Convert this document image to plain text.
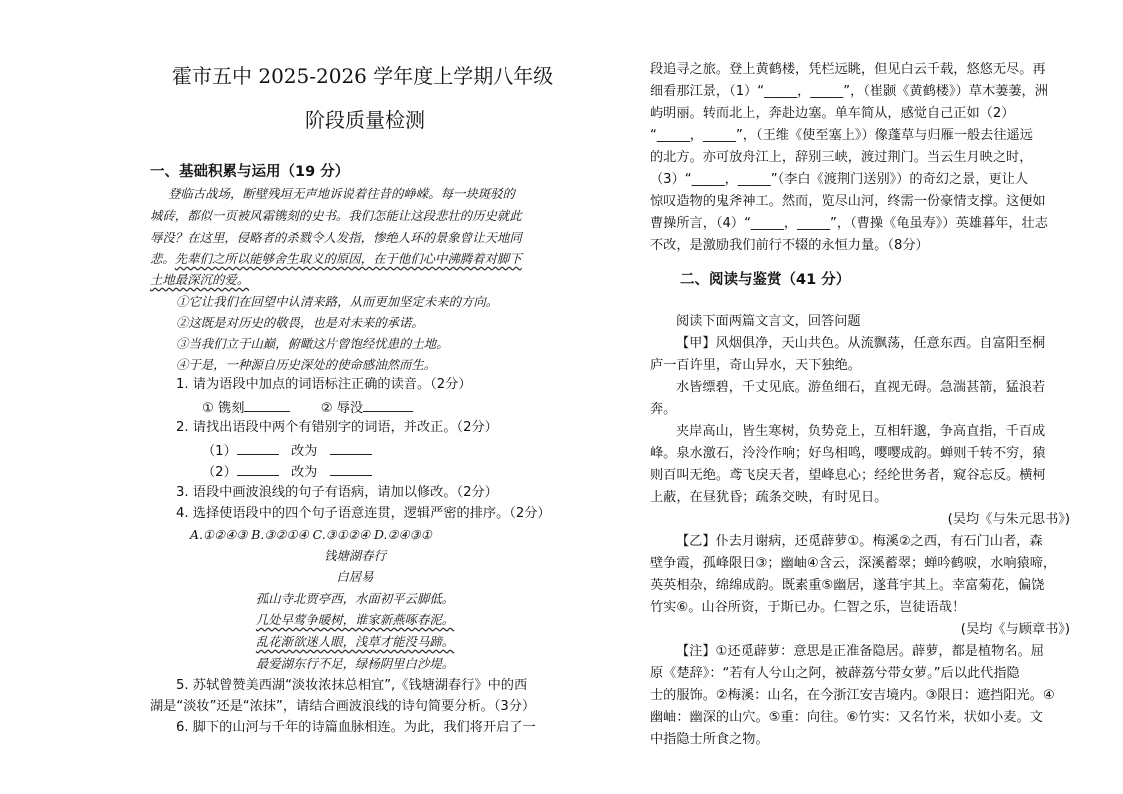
霍市五中 2025-2026 学年度上学期八年级
阶段质量检测
一、基础积累与运用（19 分）
登临古战场，断壁残垣无声地诉说着往昔的峥嵘。每一块斑驳的
城砖，都似一页被风霜镌刻的史书。我们怎能让这段悲壮的历史就此
辱没？在这里，侵略者的杀戮令人发指，惨绝人环的景象曾让天地同
悲。先辈们之所以能够舍生取义的原因，在于他们心中沸腾着对脚下
土地最深沉的爱。
①它让我们在回望中认清来路，从而更加坚定未来的方向。
②这既是对历史的敬畏，也是对未来的承诺。
③当我们立于山巅，俯瞰这片曾饱经忧患的土地。
④于是，一种源自历史深处的使命感油然而生。
1. 请为语段中加点的词语标注正确的读音。（2分）
① 镌刻	② 辱没
2. 请找出语段中两个有错别字的词语，并改正。（2分）
（1）	改为
（2）	改为
3. 语段中画波浪线的句子有语病，请加以修改。（2分）
4. 选择使语段中的四个句子语意连贯，逻辑严密的排序。（2分）
A.①②④③ B.③②①④ C.③①②④ D.②④③①
钱塘湖春行
白居易
孤山寺北贾亭西，水面初平云脚低。
几处早莺争暖树，谁家新燕啄春泥。
乱花渐欲迷人眼，浅草才能没马蹄。
最爱湖东行不足，绿杨阴里白沙堤。
5. 苏轼曾赞美西湖“淡妆浓抹总相宜”,《钱塘湖春行》中的西
湖是“淡妆”还是“浓抹”，请结合画波浪线的诗句简要分析。（3分）
6. 脚下的山河与千年的诗篇血脉相连。为此，我们将开启了一
段追寻之旅。登上黄鹤楼，凭栏远眺，但见白云千载，悠悠无尽。再
细看那江景，（1）“_____，_____”，（崔颢《黄鹤楼》）草木萋萋，洲
屿明丽。转而北上，奔赴边塞。单车简从，感觉自己正如（2）
“_____，_____”，（王维《使至塞上》）像蓬草与归雁一般去往遥远
的北方。亦可放舟江上，辞别三峡，渡过荆门。当云生月映之时，
（3）“_____，_____”（李白《渡荆门送别》）的奇幻之景，更让人
惊叹造物的鬼斧神工。然而，览尽山河，终需一份豪情支撑。这便如
曹操所言，（4）“_____，_____”，（曹操《龟虽寿》）英雄暮年，壮志
不改，是激励我们前行不辍的永恒力量。（8分）
二、阅读与鉴赏（41 分）
阅读下面两篇文言文，回答问题
【甲】风烟俱净，天山共色。从流飘荡，任意东西。自富阳至桐
庐一百许里，奇山异水，天下独绝。
水皆缥碧，千丈见底。游鱼细石，直视无碍。急湍甚箭，猛浪若
奔。
夹岸高山，皆生寒树，负势竞上，互相轩邈，争高直指，千百成
峰。泉水激石，泠泠作响；好鸟相鸣，嘤嘤成韵。蝉则千转不穷，猿
则百叫无绝。鸢飞戾天者，望峰息心；经纶世务者，窥谷忘反。横柯
上蔽，在昼犹昏；疏条交映，有时见日。
(吴均《与朱元思书》)
【乙】仆去月谢病，还觅薜萝①。梅溪②之西，有石门山者，森
壁争霞，孤峰限日③；幽岫④含云，深溪蓄翠；蝉吟鹤唳，水响猿啼，
英英相杂，绵绵成韵。既素重⑤幽居，遂葺宇其上。幸富菊花，偏饶
竹实⑥。山谷所资，于斯已办。仁智之乐，岂徒语哉！
(吴均《与顾章书》)
【注】①还觅薜萝：意思是正准备隐居。薜萝，都是植物名。屈
原《楚辞》：“若有人兮山之阿，被薜荔兮带女萝。”后以此代指隐
士的服饰。②梅溪：山名，在今浙江安吉境内。③限日：遮挡阳光。④
幽岫：幽深的山穴。⑤重：向往。⑥竹实：又名竹米，状如小麦。文
中指隐士所食之物。
